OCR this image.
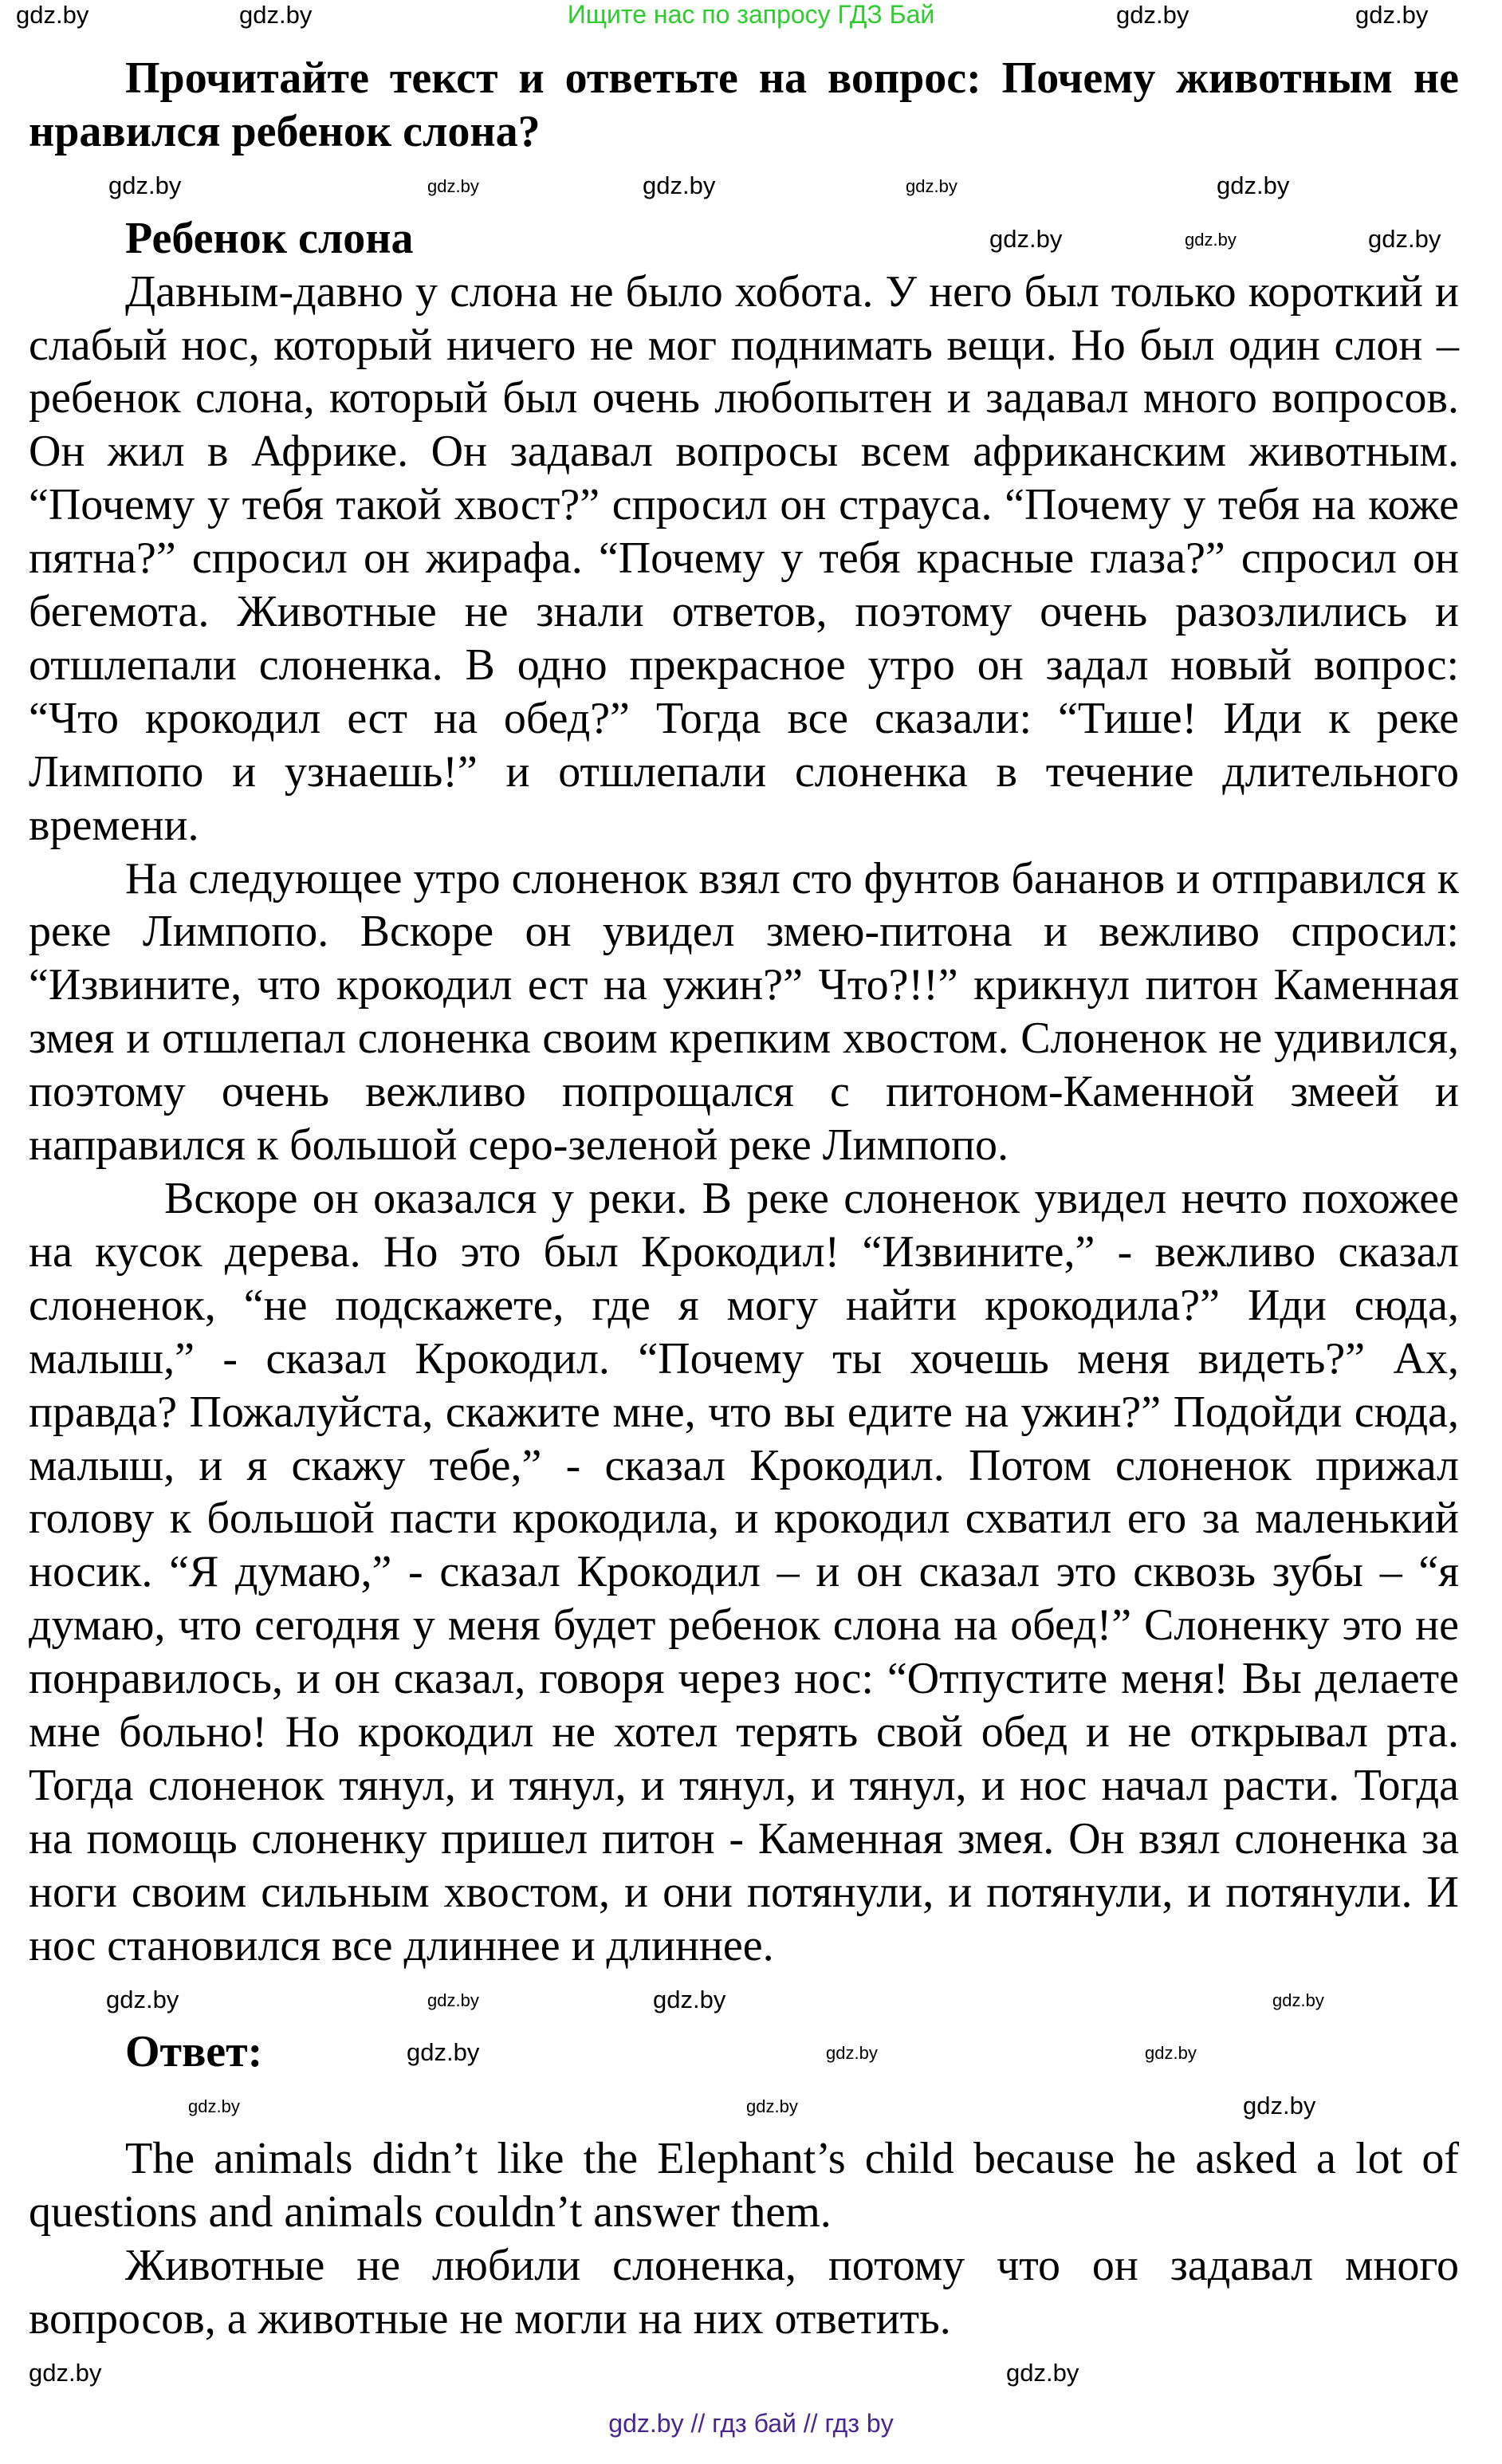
Ищите нас по запросу ГДЗ Бай
gdz.by	gdz.by	gdz.by	gdz.by

Прочитайте текст и ответьте на вопрос: Почему животным не нравился ребенок слона?

gdz.by	gdz.by	gdz.by	gdz.by	gdz.by

Ребенок слона	gdz.by	gdz.by	gdz.by

Давным-давно у слона не было хобота. У него был только короткий и слабый нос, который ничего не мог поднимать вещи. Но был один слон – ребенок слона, который был очень любопытен и задавал много вопросов. Он жил в Африке. Он задавал вопросы всем африканским животным. “Почему у тебя такой хвост?” спросил он страуса. “Почему у тебя на коже пятна?” спросил он жирафа. “Почему у тебя красные глаза?” спросил он бегемота. Животные не знали ответов, поэтому очень разозлились и отшлепали слоненка. В одно прекрасное утро он задал новый вопрос: “Что крокодил ест на обед?” Тогда все сказали: “Тише! Иди к реке Лимпопо и узнаешь!” и отшлепали слоненка в течение длительного времени.

На следующее утро слоненок взял сто фунтов бананов и отправился к реке Лимпопо. Вскоре он увидел змею-питона и вежливо спросил: “Извините, что крокодил ест на ужин?” Что?!!” крикнул питон Каменная змея и отшлепал слоненка своим крепким хвостом. Слоненок не удивился, поэтому очень вежливо попрощался с питоном-Каменной змеей и направился к большой серо-зеленой реке Лимпопо.

Вскоре он оказался у реки. В реке слоненок увидел нечто похожее на кусок дерева. Но это был Крокодил! “Извините,” - вежливо сказал слоненок, “не подскажете, где я могу найти крокодила?” Иди сюда, малыш,” - сказал Крокодил. “Почему ты хочешь меня видеть?” Ах, правда? Пожалуйста, скажите мне, что вы едите на ужин?” Подойди сюда, малыш, и я скажу тебе,” - сказал Крокодил. Потом слоненок прижал голову к большой пасти крокодила, и крокодил схватил его за маленький носик. “Я думаю,” - сказал Крокодил – и он сказал это сквозь зубы – “я думаю, что сегодня у меня будет ребенок слона на обед!” Слоненку это не понравилось, и он сказал, говоря через нос: “Отпустите меня! Вы делаете мне больно! Но крокодил не хотел терять свой обед и не открывал рта. Тогда слоненок тянул, и тянул, и тянул, и тянул, и нос начал расти. Тогда на помощь слоненку пришел питон - Каменная змея. Он взял слоненка за ноги своим сильным хвостом, и они потянули, и потянули, и потянули. И нос становился все длиннее и длиннее.

gdz.by	gdz.by	gdz.by	gdz.by

Ответ:	gdz.by	gdz.by	gdz.by
gdz.by	gdz.by	gdz.by

The animals didn’t like the Elephant’s child because he asked a lot of questions and animals couldn’t answer them.

Животные не любили слоненка, потому что он задавал много вопросов, а животные не могли на них ответить.

gdz.by	gdz.by
gdz.by // гдз бай // гдз by
